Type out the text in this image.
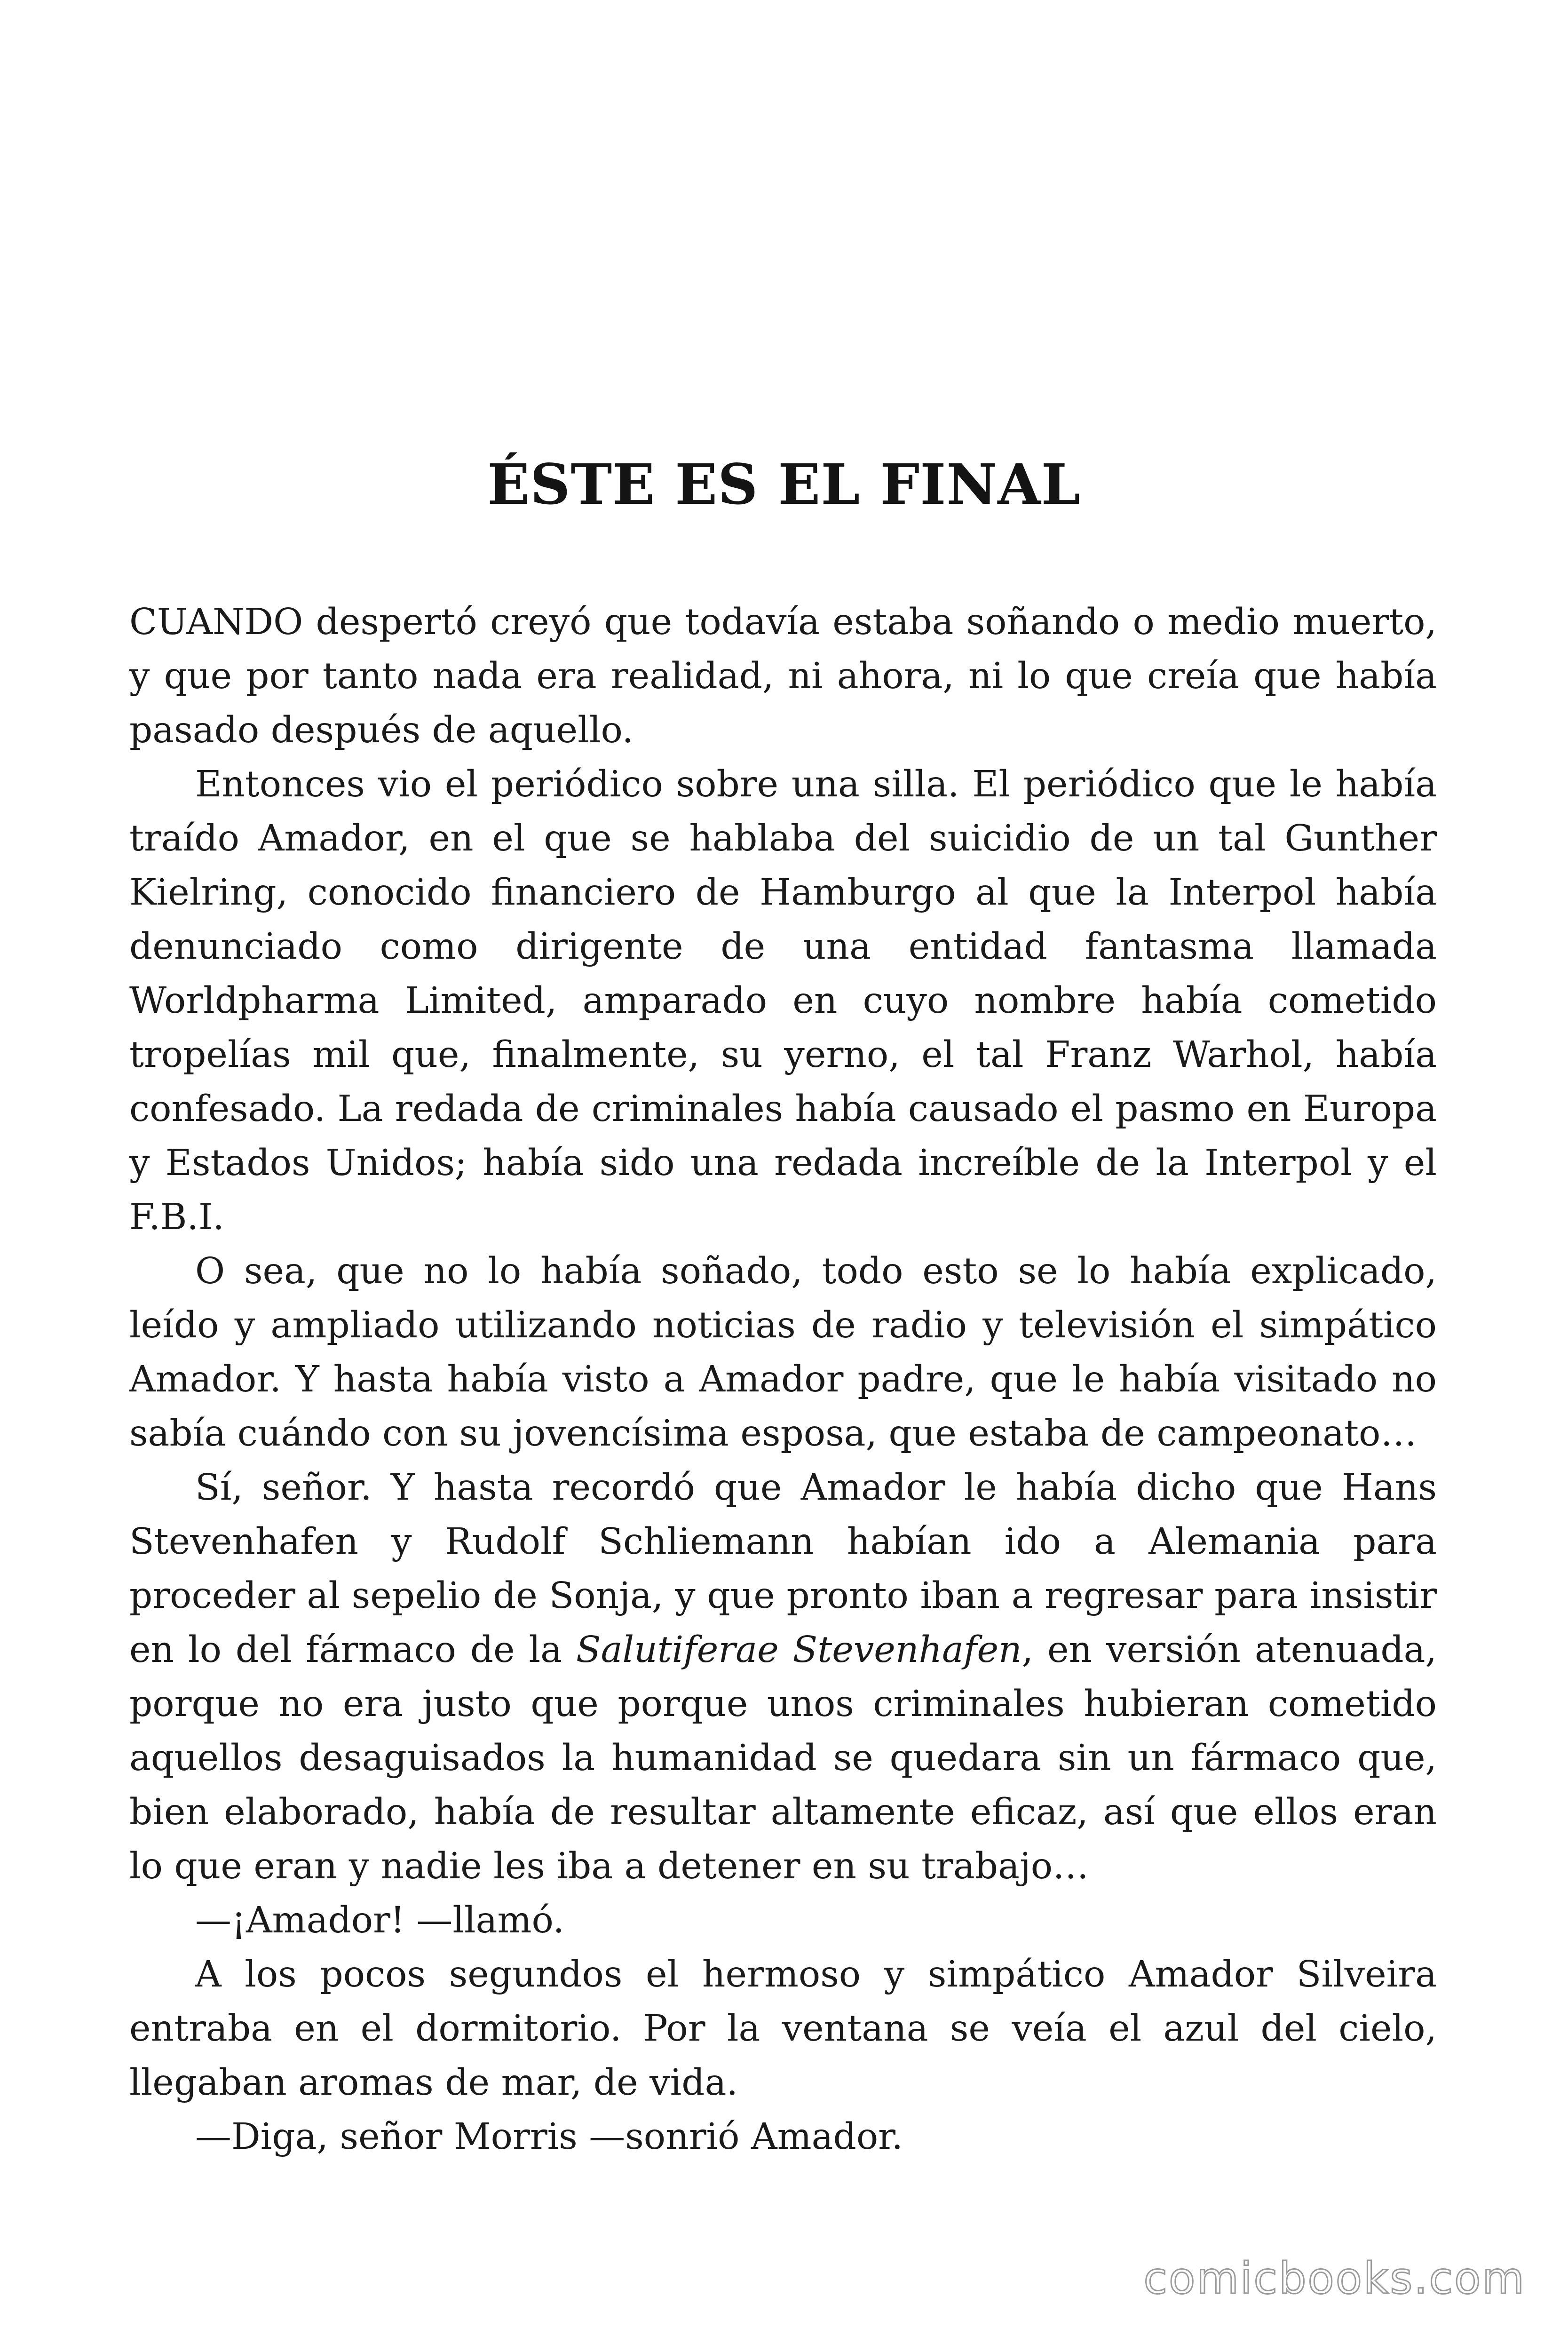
ÉSTE ES EL FINAL

CUANDO despertó creyó que todavía estaba soñando o medio muerto, y que por tanto nada era realidad, ni ahora, ni lo que creía que había pasado después de aquello.

Entonces vio el periódico sobre una silla. El periódico que le había traído Amador, en el que se hablaba del suicidio de un tal Gunther Kielring, conocido financiero de Hamburgo al que la Interpol había denunciado como dirigente de una entidad fantasma llamada Worldpharma Limited, amparado en cuyo nombre había cometido tropelías mil que, finalmente, su yerno, el tal Franz Warhol, había confesado. La redada de criminales había causado el pasmo en Europa y Estados Unidos; había sido una redada increíble de la Interpol y el F.B.I.

O sea, que no lo había soñado, todo esto se lo había explicado, leído y ampliado utilizando noticias de radio y televisión el simpático Amador. Y hasta había visto a Amador padre, que le había visitado no sabía cuándo con su jovencísima esposa, que estaba de campeonato…

Sí, señor. Y hasta recordó que Amador le había dicho que Hans Stevenhafen y Rudolf Schliemann habían ido a Alemania para proceder al sepelio de Sonja, y que pronto iban a regresar para insistir en lo del fármaco de la Salutiferae Stevenhafen, en versión atenuada, porque no era justo que porque unos criminales hubieran cometido aquellos desaguisados la humanidad se quedara sin un fármaco que, bien elaborado, había de resultar altamente eficaz, así que ellos eran lo que eran y nadie les iba a detener en su trabajo…

—¡Amador! —llamó.

A los pocos segundos el hermoso y simpático Amador Silveira entraba en el dormitorio. Por la ventana se veía el azul del cielo, llegaban aromas de mar, de vida.

—Diga, señor Morris —sonrió Amador.

comicbooks.com
